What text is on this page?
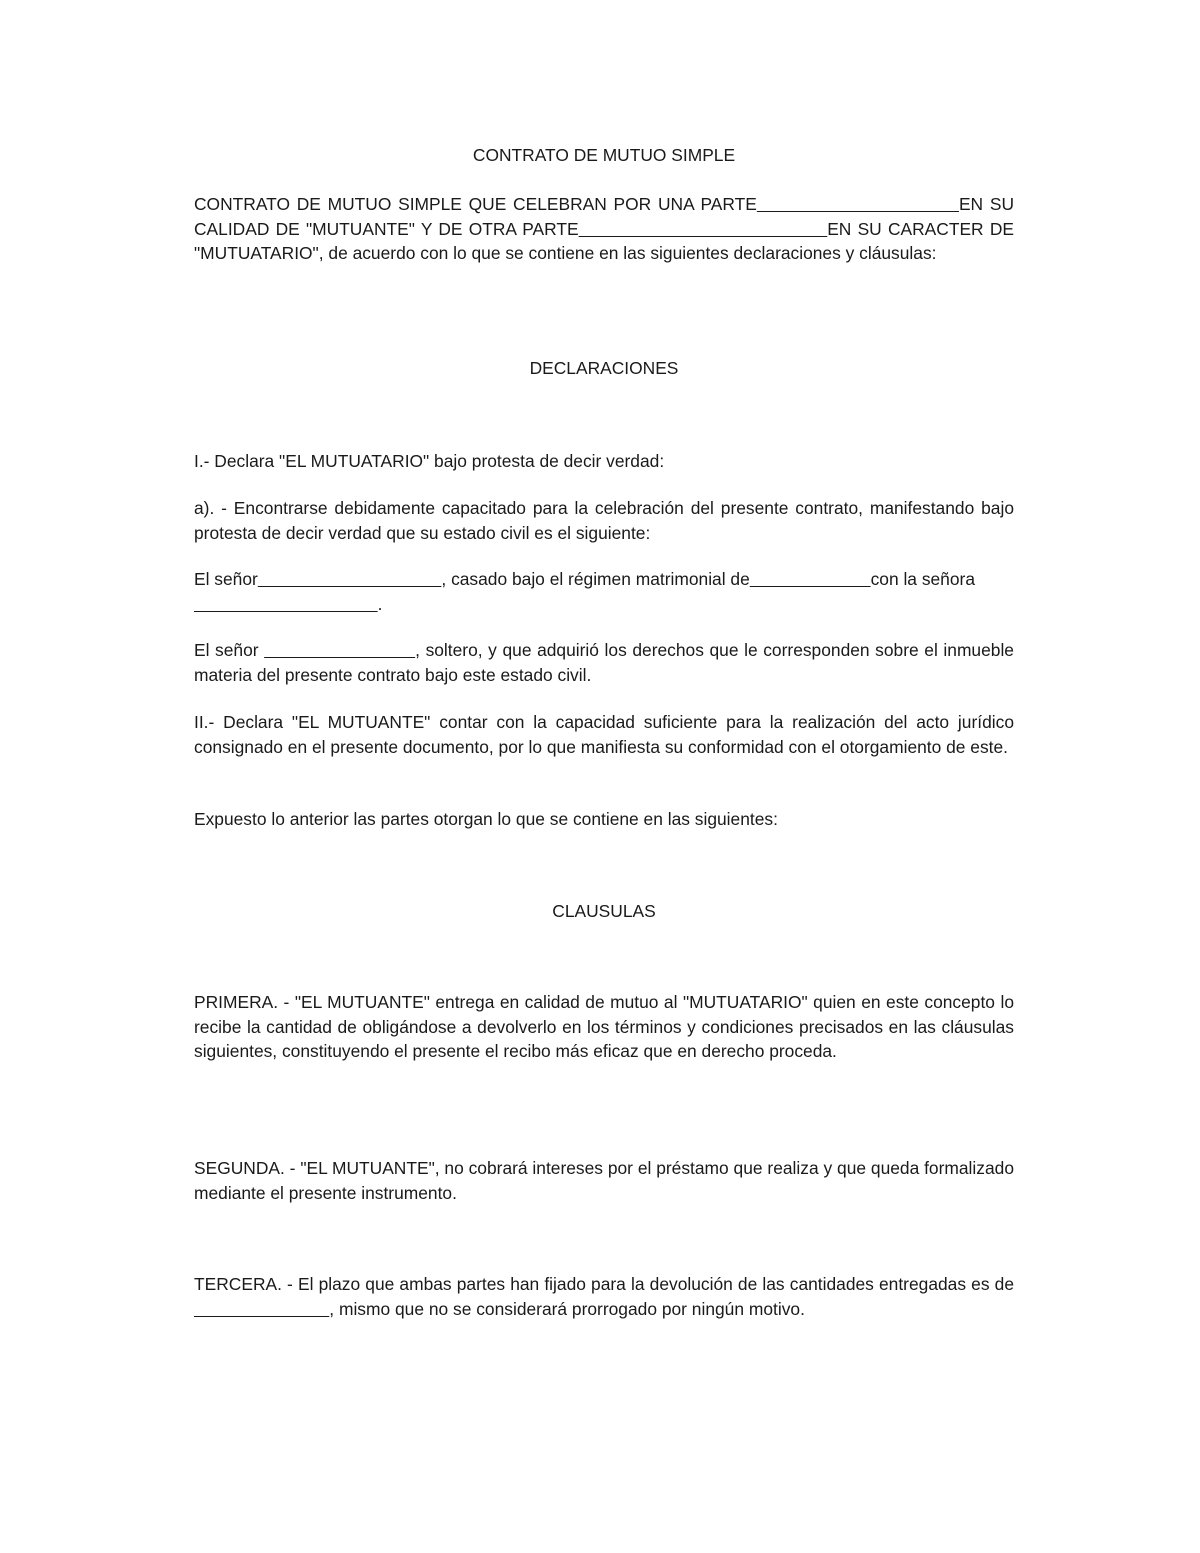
CONTRATO DE MUTUO SIMPLE

CONTRATO DE MUTUO SIMPLE QUE CELEBRAN POR UNA PARTE	EN SU CALIDAD DE "MUTUANTE" Y DE OTRA PARTE	EN SU CARACTER DE "MUTUATARIO", de acuerdo con lo que se contiene en las siguientes declaraciones y cláusulas:

DECLARACIONES

I.- Declara "EL MUTUATARIO" bajo protesta de decir verdad:

a). - Encontrarse debidamente capacitado para la celebración del presente contrato, manifestando bajo protesta de decir verdad que su estado civil es el siguiente:

El señor	, casado bajo el régimen matrimonial de	con la señora
.

El señor	, soltero, y que adquirió los derechos que le corresponden sobre el inmueble materia del presente contrato bajo este estado civil.

II.- Declara "EL MUTUANTE" contar con la capacidad suficiente para la realización del acto jurídico consignado en el presente documento, por lo que manifiesta su conformidad con el otorgamiento de este.

Expuesto lo anterior las partes otorgan lo que se contiene en las siguientes:

CLAUSULAS

PRIMERA. - "EL MUTUANTE" entrega en calidad de mutuo al "MUTUATARIO" quien en este concepto lo recibe la cantidad de obligándose a devolverlo en los términos y condiciones precisados en las cláusulas siguientes, constituyendo el presente el recibo más eficaz que en derecho proceda.

SEGUNDA. - "EL MUTUANTE", no cobrará intereses por el préstamo que realiza y que queda formalizado mediante el presente instrumento.

TERCERA. - El plazo que ambas partes han fijado para la devolución de las cantidades entregadas es de                             , mismo que no se considerará prorrogado por ningún motivo.
